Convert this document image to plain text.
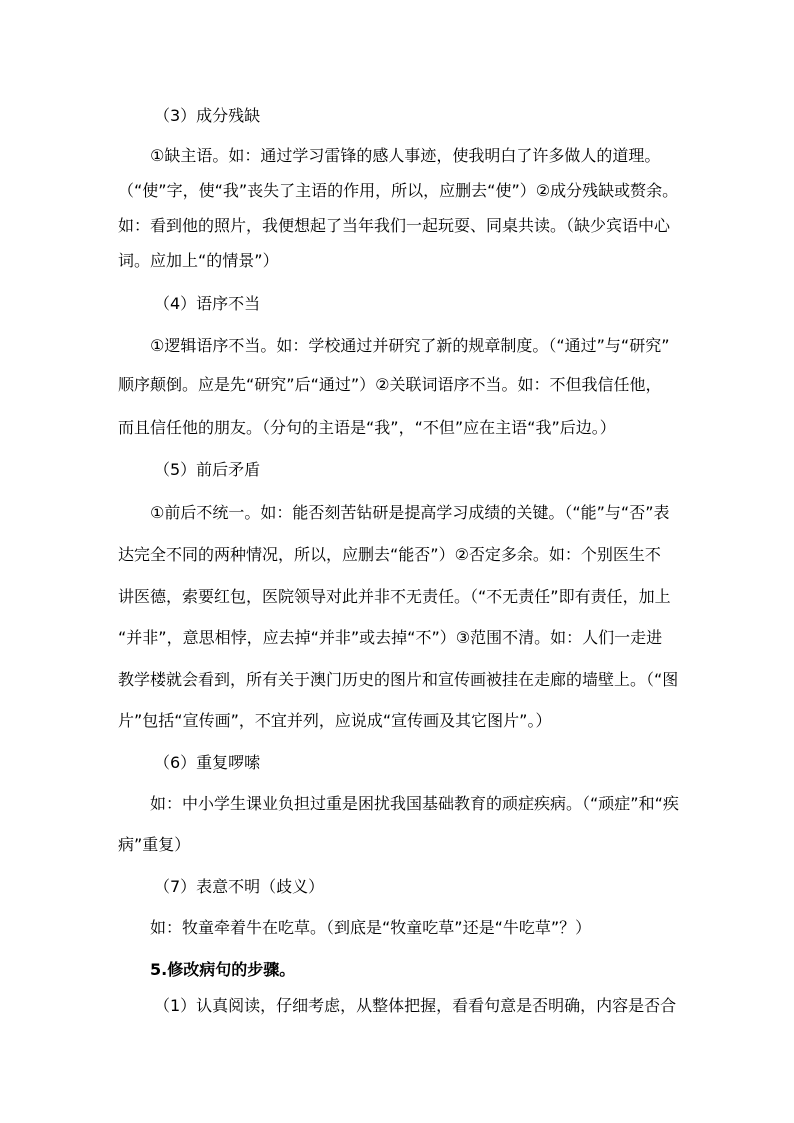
（3）成分残缺
①缺主语。如：通过学习雷锋的感人事迹，使我明白了许多做人的道理。
（“使”字，使“我”丧失了主语的作用，所以，应删去“使”）②成分残缺或赘余。
如：看到他的照片，我便想起了当年我们一起玩耍、同桌共读。（缺少宾语中心
词。应加上“的情景”）
（4）语序不当
①逻辑语序不当。如：学校通过并研究了新的规章制度。（“通过”与“研究”
顺序颠倒。应是先“研究”后“通过”）②关联词语序不当。如：不但我信任他，
而且信任他的朋友。（分句的主语是“我”，“不但”应在主语“我”后边。）
（5）前后矛盾
①前后不统一。如：能否刻苦钻研是提高学习成绩的关键。（“能”与“否”表
达完全不同的两种情况，所以，应删去“能否”）②否定多余。如：个别医生不
讲医德，索要红包，医院领导对此并非不无责任。（“不无责任”即有责任，加上
“并非”，意思相悖，应去掉“并非”或去掉“不”）③范围不清。如：人们一走进
教学楼就会看到，所有关于澳门历史的图片和宣传画被挂在走廊的墙壁上。（“图
片”包括“宣传画”，不宜并列，应说成“宣传画及其它图片”。）
（6）重复啰嗦
如：中小学生课业负担过重是困扰我国基础教育的顽症疾病。（“顽症”和“疾
病”重复）
（7）表意不明（歧义）
如：牧童牵着牛在吃草。（到底是“牧童吃草”还是“牛吃草”？）
5.修改病句的步骤。
（1）认真阅读，仔细考虑，从整体把握，看看句意是否明确，内容是否合
